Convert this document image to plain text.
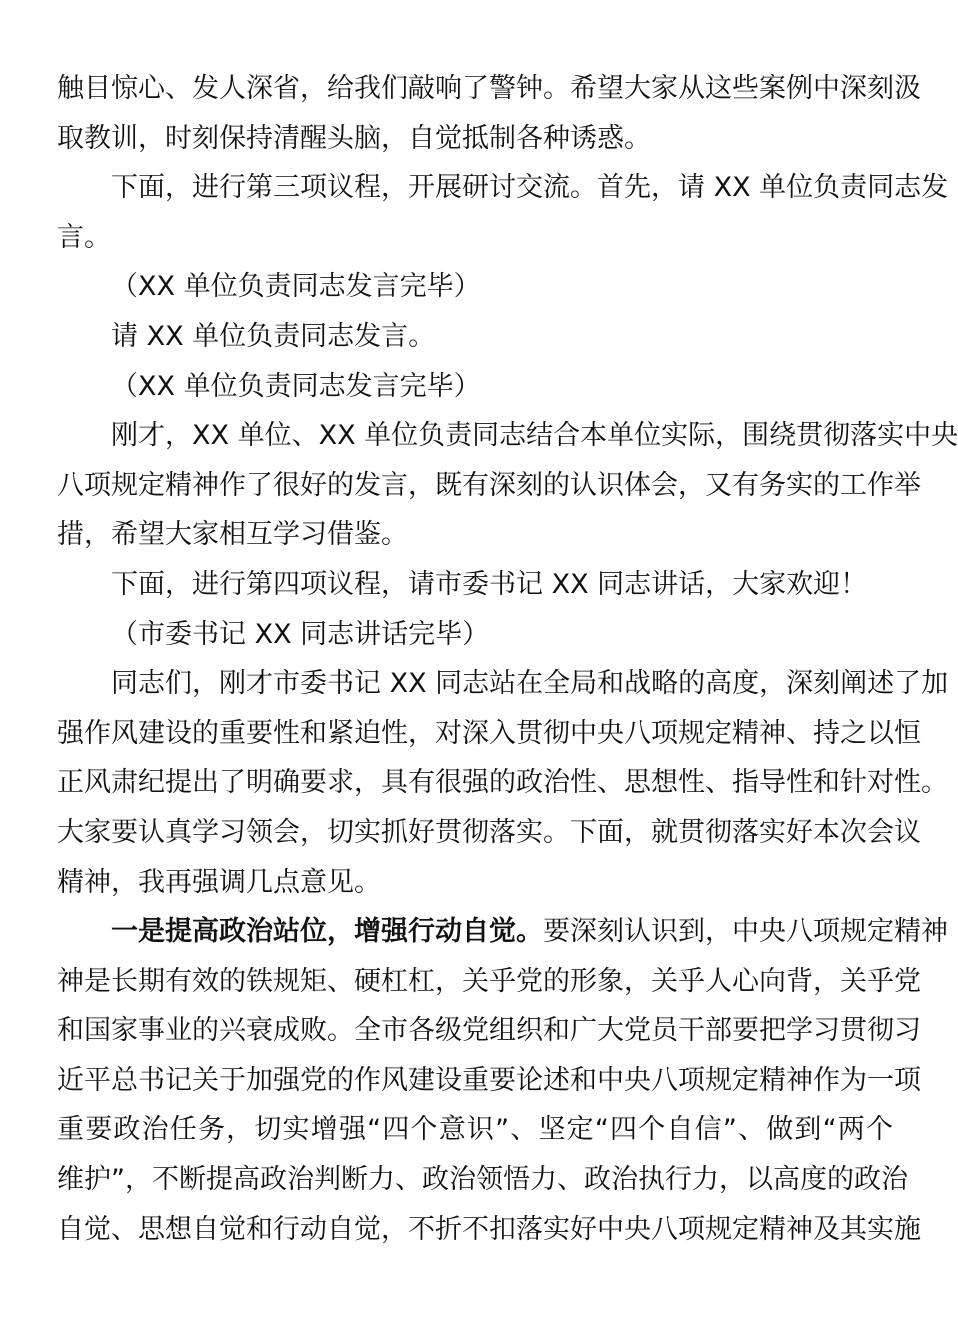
触目惊心、发人深省，给我们敲响了警钟。希望大家从这些案例中深刻汲
取教训，时刻保持清醒头脑，自觉抵制各种诱惑。
下面，进行第三项议程，开展研讨交流。首先，请 XX 单位负责同志发
言。
（XX 单位负责同志发言完毕）
请 XX 单位负责同志发言。
（XX 单位负责同志发言完毕）
刚才，XX 单位、XX 单位负责同志结合本单位实际，围绕贯彻落实中央
八项规定精神作了很好的发言，既有深刻的认识体会，又有务实的工作举
措，希望大家相互学习借鉴。
下面，进行第四项议程，请市委书记 XX 同志讲话，大家欢迎！
（市委书记 XX 同志讲话完毕）
同志们，刚才市委书记 XX 同志站在全局和战略的高度，深刻阐述了加
强作风建设的重要性和紧迫性，对深入贯彻中央八项规定精神、持之以恒
正风肃纪提出了明确要求，具有很强的政治性、思想性、指导性和针对性。
大家要认真学习领会，切实抓好贯彻落实。下面，就贯彻落实好本次会议
精神，我再强调几点意见。
一是提高政治站位，增强行动自觉。要深刻认识到，中央八项规定精神
神是长期有效的铁规矩、硬杠杠，关乎党的形象，关乎人心向背，关乎党
和国家事业的兴衰成败。全市各级党组织和广大党员干部要把学习贯彻习
近平总书记关于加强党的作风建设重要论述和中央八项规定精神作为一项
重要政治任务，切实增强“四个意识”、坚定“四个自信”、做到“两个
维护”，不断提高政治判断力、政治领悟力、政治执行力，以高度的政治
自觉、思想自觉和行动自觉，不折不扣落实好中央八项规定精神及其实施
